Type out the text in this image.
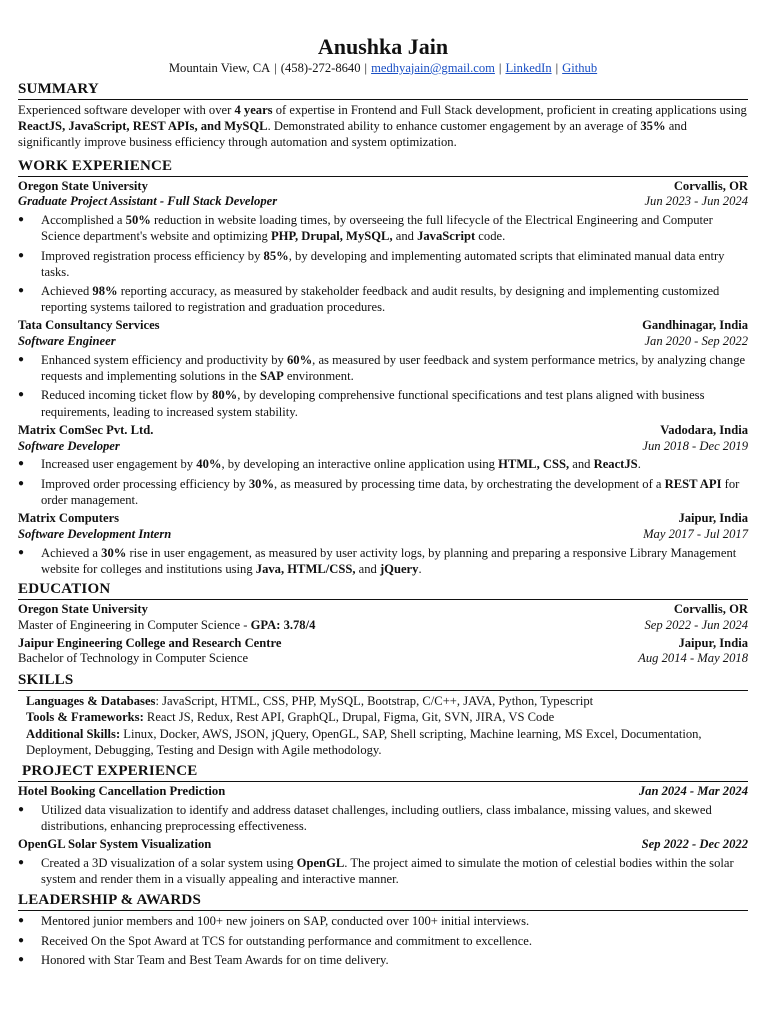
Anushka Jain
Mountain View, CA | (458)-272-8640 | medhyajain@gmail.com | LinkedIn | Github
SUMMARY
Experienced software developer with over 4 years of expertise in Frontend and Full Stack development, proficient in creating applications using ReactJS, JavaScript, REST APIs, and MySQL. Demonstrated ability to enhance customer engagement by an average of 35% and significantly improve business efficiency through automation and system optimization.
WORK EXPERIENCE
Oregon State University	Corvallis, OR
Graduate Project Assistant - Full Stack Developer	Jun 2023 - Jun 2024
● Accomplished a 50% reduction in website loading times, by overseeing the full lifecycle of the Electrical Engineering and Computer Science department's website and optimizing PHP, Drupal, MySQL, and JavaScript code.
● Improved registration process efficiency by 85%, by developing and implementing automated scripts that eliminated manual data entry tasks.
● Achieved 98% reporting accuracy, as measured by stakeholder feedback and audit results, by designing and implementing customized reporting systems tailored to registration and graduation procedures.
Tata Consultancy Services	Gandhinagar, India
Software Engineer	Jan 2020 - Sep 2022
● Enhanced system efficiency and productivity by 60%, as measured by user feedback and system performance metrics, by analyzing change requests and implementing solutions in the SAP environment.
● Reduced incoming ticket flow by 80%, by developing comprehensive functional specifications and test plans aligned with business requirements, leading to increased system stability.
Matrix ComSec Pvt. Ltd.	Vadodara, India
Software Developer	Jun 2018 - Dec 2019
● Increased user engagement by 40%, by developing an interactive online application using HTML, CSS, and ReactJS.
● Improved order processing efficiency by 30%, as measured by processing time data, by orchestrating the development of a REST API for order management.
Matrix Computers	Jaipur, India
Software Development Intern	May 2017 - Jul 2017
● Achieved a 30% rise in user engagement, as measured by user activity logs, by planning and preparing a responsive Library Management website for colleges and institutions using Java, HTML/CSS, and jQuery.
EDUCATION
Oregon State University	Corvallis, OR
Master of Engineering in Computer Science - GPA: 3.78/4	Sep 2022 - Jun 2024
Jaipur Engineering College and Research Centre	Jaipur, India
Bachelor of Technology in Computer Science	Aug 2014 - May 2018
SKILLS
Languages & Databases: JavaScript, HTML, CSS, PHP, MySQL, Bootstrap, C/C++, JAVA, Python, Typescript
Tools & Frameworks: React JS, Redux, Rest API, GraphQL, Drupal, Figma, Git, SVN, JIRA, VS Code
Additional Skills: Linux, Docker, AWS, JSON, jQuery, OpenGL, SAP, Shell scripting, Machine learning, MS Excel, Documentation, Deployment, Debugging, Testing and Design with Agile methodology.
PROJECT EXPERIENCE
Hotel Booking Cancellation Prediction	Jan 2024 - Mar 2024
● Utilized data visualization to identify and address dataset challenges, including outliers, class imbalance, missing values, and skewed distributions, enhancing preprocessing effectiveness.
OpenGL Solar System Visualization	Sep 2022 - Dec 2022
● Created a 3D visualization of a solar system using OpenGL. The project aimed to simulate the motion of celestial bodies within the solar system and render them in a visually appealing and interactive manner.
LEADERSHIP & AWARDS
● Mentored junior members and 100+ new joiners on SAP, conducted over 100+ initial interviews.
● Received On the Spot Award at TCS for outstanding performance and commitment to excellence.
● Honored with Star Team and Best Team Awards for on time delivery.
